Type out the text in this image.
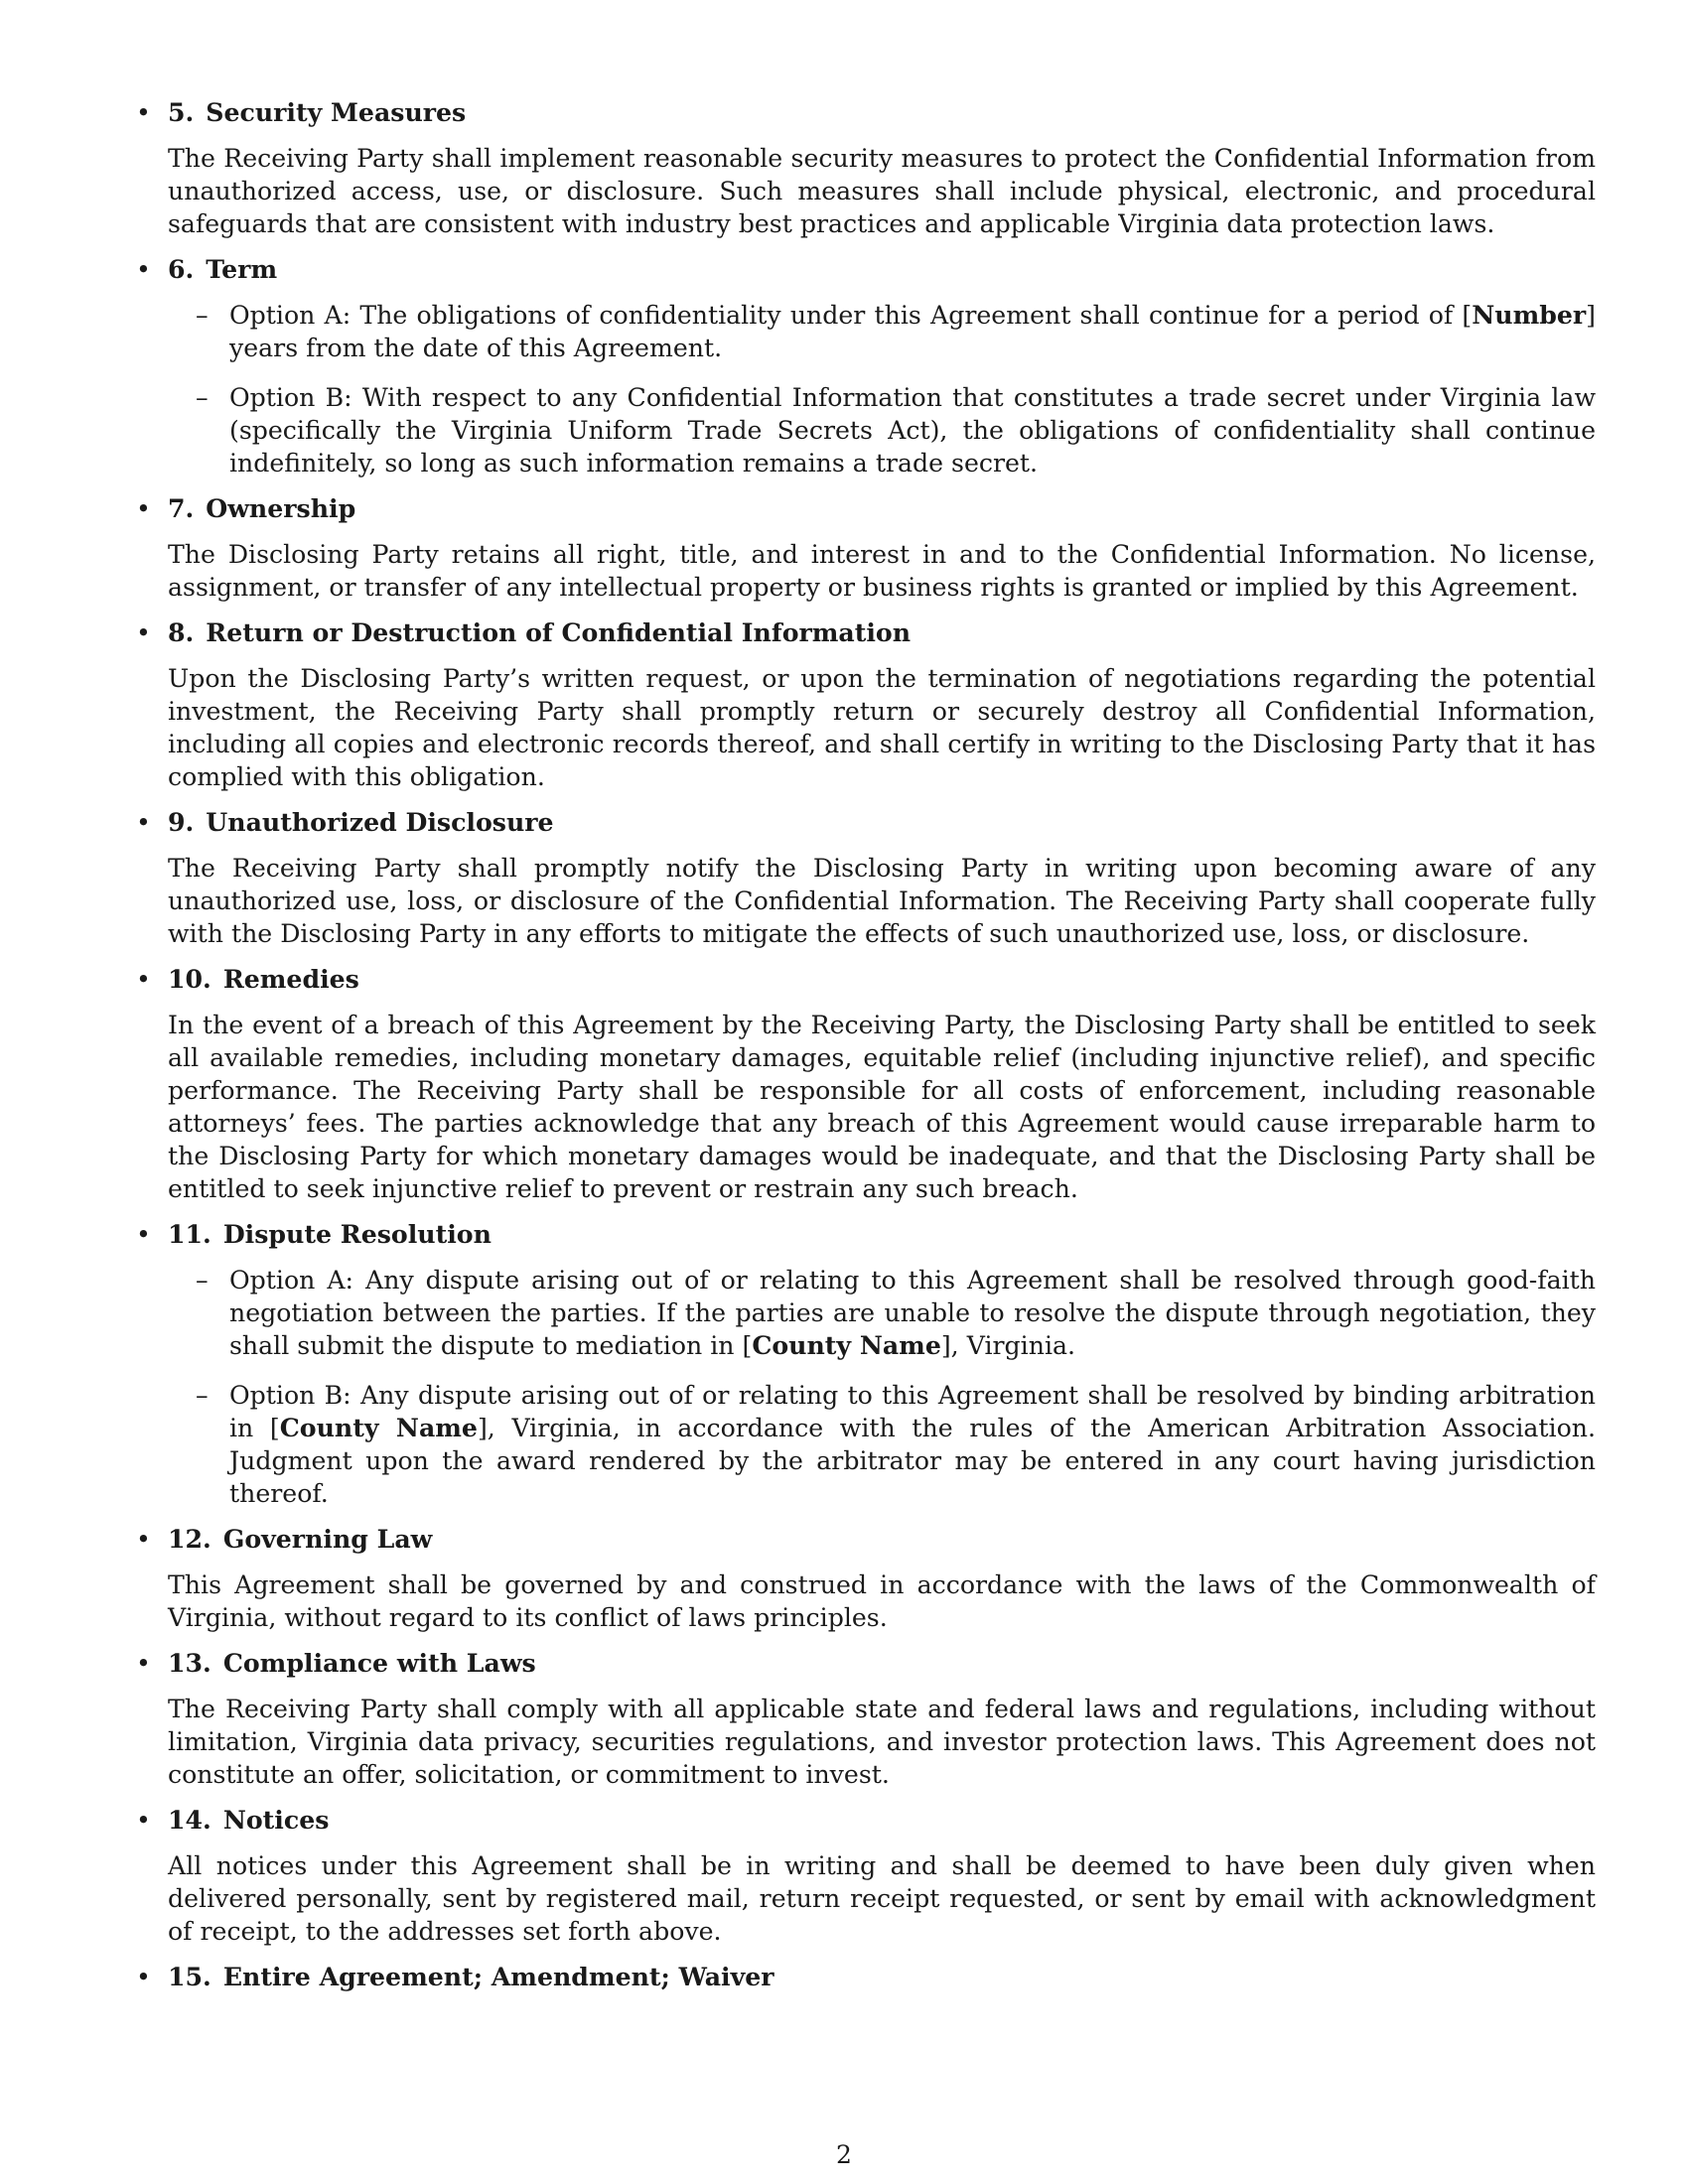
• 5. Security Measures
The Receiving Party shall implement reasonable security measures to protect the Confidential Information from unauthorized access, use, or disclosure. Such measures shall include physical, electronic, and procedural safeguards that are consistent with industry best practices and applicable Virginia data protection laws.
• 6. Term
– Option A: The obligations of confidentiality under this Agreement shall continue for a period of [Number] years from the date of this Agreement.
– Option B: With respect to any Confidential Information that constitutes a trade secret under Virginia law (specifically the Virginia Uniform Trade Secrets Act), the obligations of confidentiality shall continue indefinitely, so long as such information remains a trade secret.
• 7. Ownership
The Disclosing Party retains all right, title, and interest in and to the Confidential Information. No license, assignment, or transfer of any intellectual property or business rights is granted or implied by this Agreement.
• 8. Return or Destruction of Confidential Information
Upon the Disclosing Party’s written request, or upon the termination of negotiations regarding the potential investment, the Receiving Party shall promptly return or securely destroy all Confidential Information, including all copies and electronic records thereof, and shall certify in writing to the Disclosing Party that it has complied with this obligation.
• 9. Unauthorized Disclosure
The Receiving Party shall promptly notify the Disclosing Party in writing upon becoming aware of any unauthorized use, loss, or disclosure of the Confidential Information. The Receiving Party shall cooperate fully with the Disclosing Party in any efforts to mitigate the effects of such unauthorized use, loss, or disclosure.
• 10. Remedies
In the event of a breach of this Agreement by the Receiving Party, the Disclosing Party shall be entitled to seek all available remedies, including monetary damages, equitable relief (including injunctive relief), and specific performance. The Receiving Party shall be responsible for all costs of enforcement, including reasonable attorneys’ fees. The parties acknowledge that any breach of this Agreement would cause irreparable harm to the Disclosing Party for which monetary damages would be inadequate, and that the Disclosing Party shall be entitled to seek injunctive relief to prevent or restrain any such breach.
• 11. Dispute Resolution
– Option A: Any dispute arising out of or relating to this Agreement shall be resolved through good-faith negotiation between the parties. If the parties are unable to resolve the dispute through negotiation, they shall submit the dispute to mediation in [County Name], Virginia.
– Option B: Any dispute arising out of or relating to this Agreement shall be resolved by binding arbitration in [County Name], Virginia, in accordance with the rules of the American Arbitration Association. Judgment upon the award rendered by the arbitrator may be entered in any court having jurisdiction thereof.
• 12. Governing Law
This Agreement shall be governed by and construed in accordance with the laws of the Commonwealth of Virginia, without regard to its conflict of laws principles.
• 13. Compliance with Laws
The Receiving Party shall comply with all applicable state and federal laws and regulations, including without limitation, Virginia data privacy, securities regulations, and investor protection laws. This Agreement does not constitute an offer, solicitation, or commitment to invest.
• 14. Notices
All notices under this Agreement shall be in writing and shall be deemed to have been duly given when delivered personally, sent by registered mail, return receipt requested, or sent by email with acknowledgment of receipt, to the addresses set forth above.
• 15. Entire Agreement; Amendment; Waiver
2
